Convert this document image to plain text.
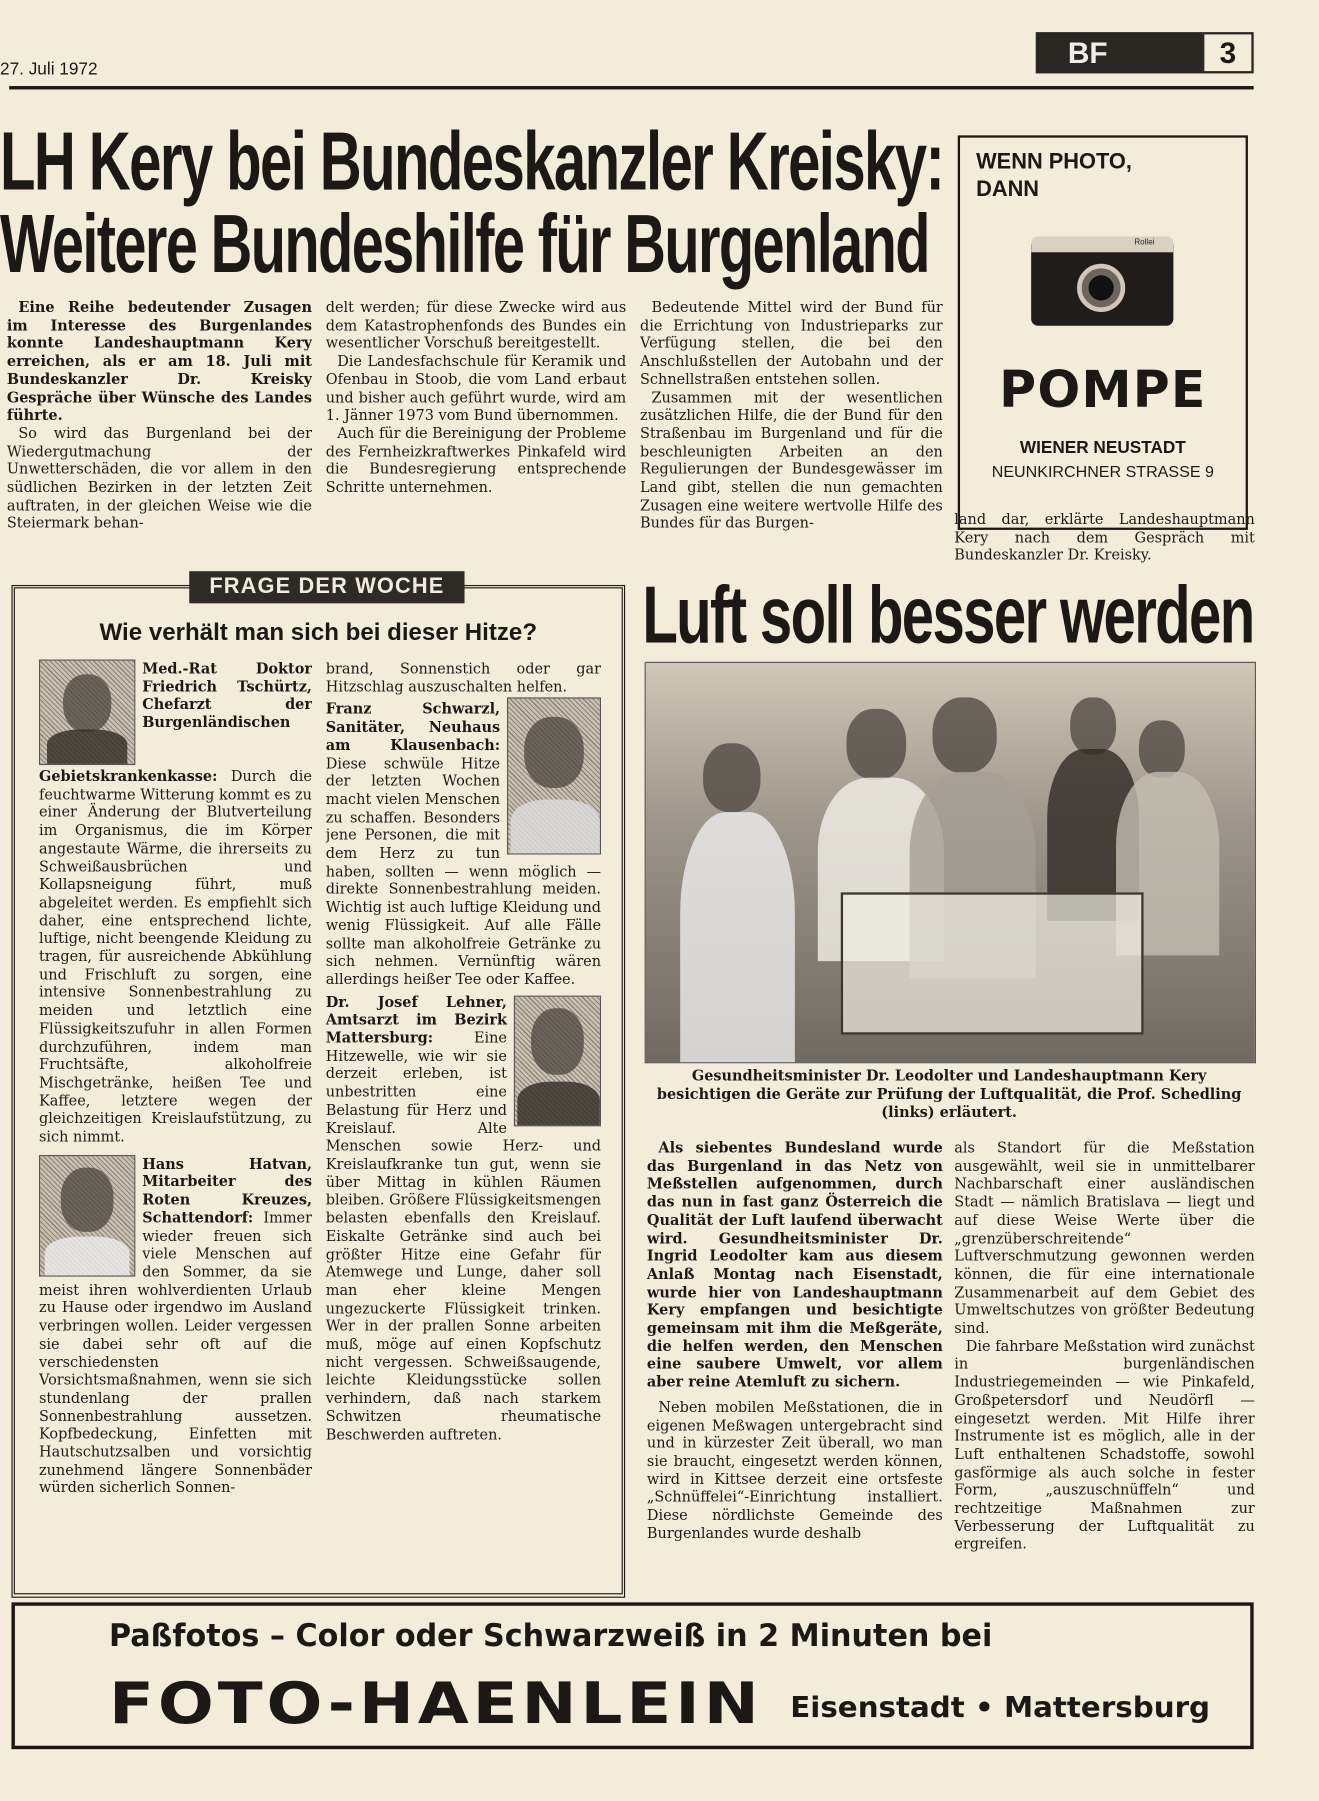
27. Juli 1972	BF	3
LH Kery bei Bundeskanzler Kreisky:
Weitere Bundeshilfe für Burgenland

Eine Reihe bedeutender Zusagen im Interesse des Burgenlandes konnte Landeshauptmann Kery erreichen, als er am 18. Juli mit Bundeskanzler Dr. Kreisky Gespräche über Wünsche des Landes führte.

So wird das Burgenland bei der Wiedergutmachung der Unwetterschäden, die vor allem in den südlichen Bezirken in der letzten Zeit auftraten, in der gleichen Weise wie die Steiermark behan-

delt werden; für diese Zwecke wird aus dem Katastrophenfonds des Bundes ein wesentlicher Vorschuß bereitgestellt.

Die Landesfachschule für Keramik und Ofenbau in Stoob, die vom Land erbaut und bisher auch geführt wurde, wird am 1. Jänner 1973 vom Bund übernommen.

Auch für die Bereinigung der Probleme des Fernheizkraftwerkes Pinkafeld wird die Bundesregierung entsprechende Schritte unternehmen.

Bedeutende Mittel wird der Bund für die Errichtung von Industrieparks zur Verfügung stellen, die bei den Anschlußstellen der Autobahn und der Schnellstraßen entstehen sollen.

Zusammen mit der wesentlichen zusätzlichen Hilfe, die der Bund für den Straßenbau im Burgenland und für die beschleunigten Arbeiten an den Regulierungen der Bundesgewässer im Land gibt, stellen die nun gemachten Zusagen eine weitere wertvolle Hilfe des Bundes für das Burgen-	land dar, erklärte Landeshauptmann Kery nach dem Gespräch mit Bundeskanzler Dr. Kreisky.

WENN PHOTO,
DANN
Rollei
POMPE
WIENER NEUSTADT
NEUNKIRCHNER STRASSE 9
FRAGE DER WOCHE
Wie verhält man sich bei dieser Hitze?

Med.-Rat Doktor Friedrich Tschürtz, Chefarzt der Burgenländischen Gebietskrankenkasse: Durch die feuchtwarme Witterung kommt es zu einer Änderung der Blutverteilung im Organismus, die im Körper angestaute Wärme, die ihrerseits zu Schweißausbrüchen und Kollapsneigung führt, muß abgeleitet werden. Es empfiehlt sich daher, eine entsprechend lichte, luftige, nicht beengende Kleidung zu tragen, für ausreichende Abkühlung und Frischluft zu sorgen, eine intensive Sonnenbestrahlung zu meiden und letztlich eine Flüssigkeitszufuhr in allen Formen durchzuführen, indem man Fruchtsäfte, alkoholfreie Mischgetränke, heißen Tee und Kaffee, letztere wegen der gleichzeitigen Kreislaufstützung, zu sich nimmt.

Hans Hatvan, Mitarbeiter des Roten Kreuzes, Schattendorf: Immer wieder freuen sich viele Menschen auf den Sommer, da sie meist ihren wohlverdienten Urlaub zu Hause oder irgendwo im Ausland verbringen wollen. Leider vergessen sie dabei sehr oft auf die verschiedensten Vorsichtsmaßnahmen, wenn sie sich stundenlang der prallen Sonnenbestrahlung aussetzen. Kopfbedeckung, Einfetten mit Hautschutzsalben und vorsichtig zunehmend längere Sonnenbäder würden sicherlich Sonnen-

brand, Sonnenstich oder gar Hitzschlag auszuschalten helfen.

Franz Schwarzl, Sanitäter, Neuhaus am Klausenbach: Diese schwüle Hitze der letzten Wochen macht vielen Menschen zu schaffen. Besonders jene Personen, die mit dem Herz zu tun haben, sollten — wenn möglich — direkte Sonnenbestrahlung meiden. Wichtig ist auch luftige Kleidung und wenig Flüssigkeit. Auf alle Fälle sollte man alkoholfreie Getränke zu sich nehmen. Vernünftig wären allerdings heißer Tee oder Kaffee.

Dr. Josef Lehner, Amtsarzt im Bezirk Mattersburg:	Eine Hitzewelle, wie wir sie derzeit erleben, ist unbestritten eine Belastung für Herz und Kreislauf. Alte Menschen sowie Herz- und Kreislaufkranke tun gut, wenn sie über Mittag in kühlen Räumen bleiben. Größere Flüssigkeitsmengen belasten ebenfalls den Kreislauf. Eiskalte Getränke sind auch bei größter Hitze eine Gefahr für Atemwege und Lunge, daher soll man eher kleine Mengen ungezuckerte Flüssigkeit trinken. Wer in der prallen Sonne arbeiten muß, möge auf einen Kopfschutz nicht vergessen. Schweißsaugende, leichte Kleidungsstücke sollen verhindern, daß nach starkem Schwitzen rheumatische Beschwerden auftreten.

Luft soll besser werden
Gesundheitsminister Dr. Leodolter und Landeshauptmann Kery besichtigen die Geräte zur Prüfung der Luftqualität, die Prof. Schedling (links) erläutert.

Als siebentes Bundesland wurde das Burgenland in das Netz von Meßstellen aufgenommen, durch das nun in fast ganz Österreich die Qualität der Luft laufend überwacht wird. Gesundheitsminister Dr. Ingrid Leodolter kam aus diesem Anlaß Montag nach Eisenstadt, wurde hier von Landeshauptmann Kery empfangen und besichtigte gemeinsam mit ihm die Meßgeräte, die helfen werden, den Menschen eine saubere Umwelt, vor allem aber reine Atemluft zu sichern.

Neben mobilen Meßstationen, die in eigenen Meßwagen untergebracht sind und in kürzester Zeit überall, wo man sie braucht, eingesetzt werden können, wird in Kittsee derzeit eine ortsfeste „Schnüffelei“-Einrichtung installiert. Diese nördlichste Gemeinde des Burgenlandes wurde deshalb

als Standort für die Meßstation ausgewählt, weil sie in unmittelbarer Nachbarschaft einer ausländischen Stadt — nämlich Bratislava — liegt und auf diese Weise Werte über die „grenzüberschreitende“ Luftverschmutzung gewonnen werden können, die für eine internationale Zusammenarbeit auf dem Gebiet des Umweltschutzes von größter Bedeutung sind.

Die fahrbare Meßstation wird zunächst in burgenländischen Industriegemeinden — wie Pinkafeld, Großpetersdorf und Neudörfl — eingesetzt werden. Mit Hilfe ihrer Instrumente ist es möglich, alle in der Luft enthaltenen Schadstoffe, sowohl gasförmige als auch solche in fester Form, „auszuschnüffeln“ und rechtzeitige Maßnahmen zur Verbesserung der Luftqualität zu ergreifen.

Paßfotos – Color oder Schwarzweiß in 2 Minuten bei
FOTO-HAENLEIN Eisenstadt • Mattersburg
